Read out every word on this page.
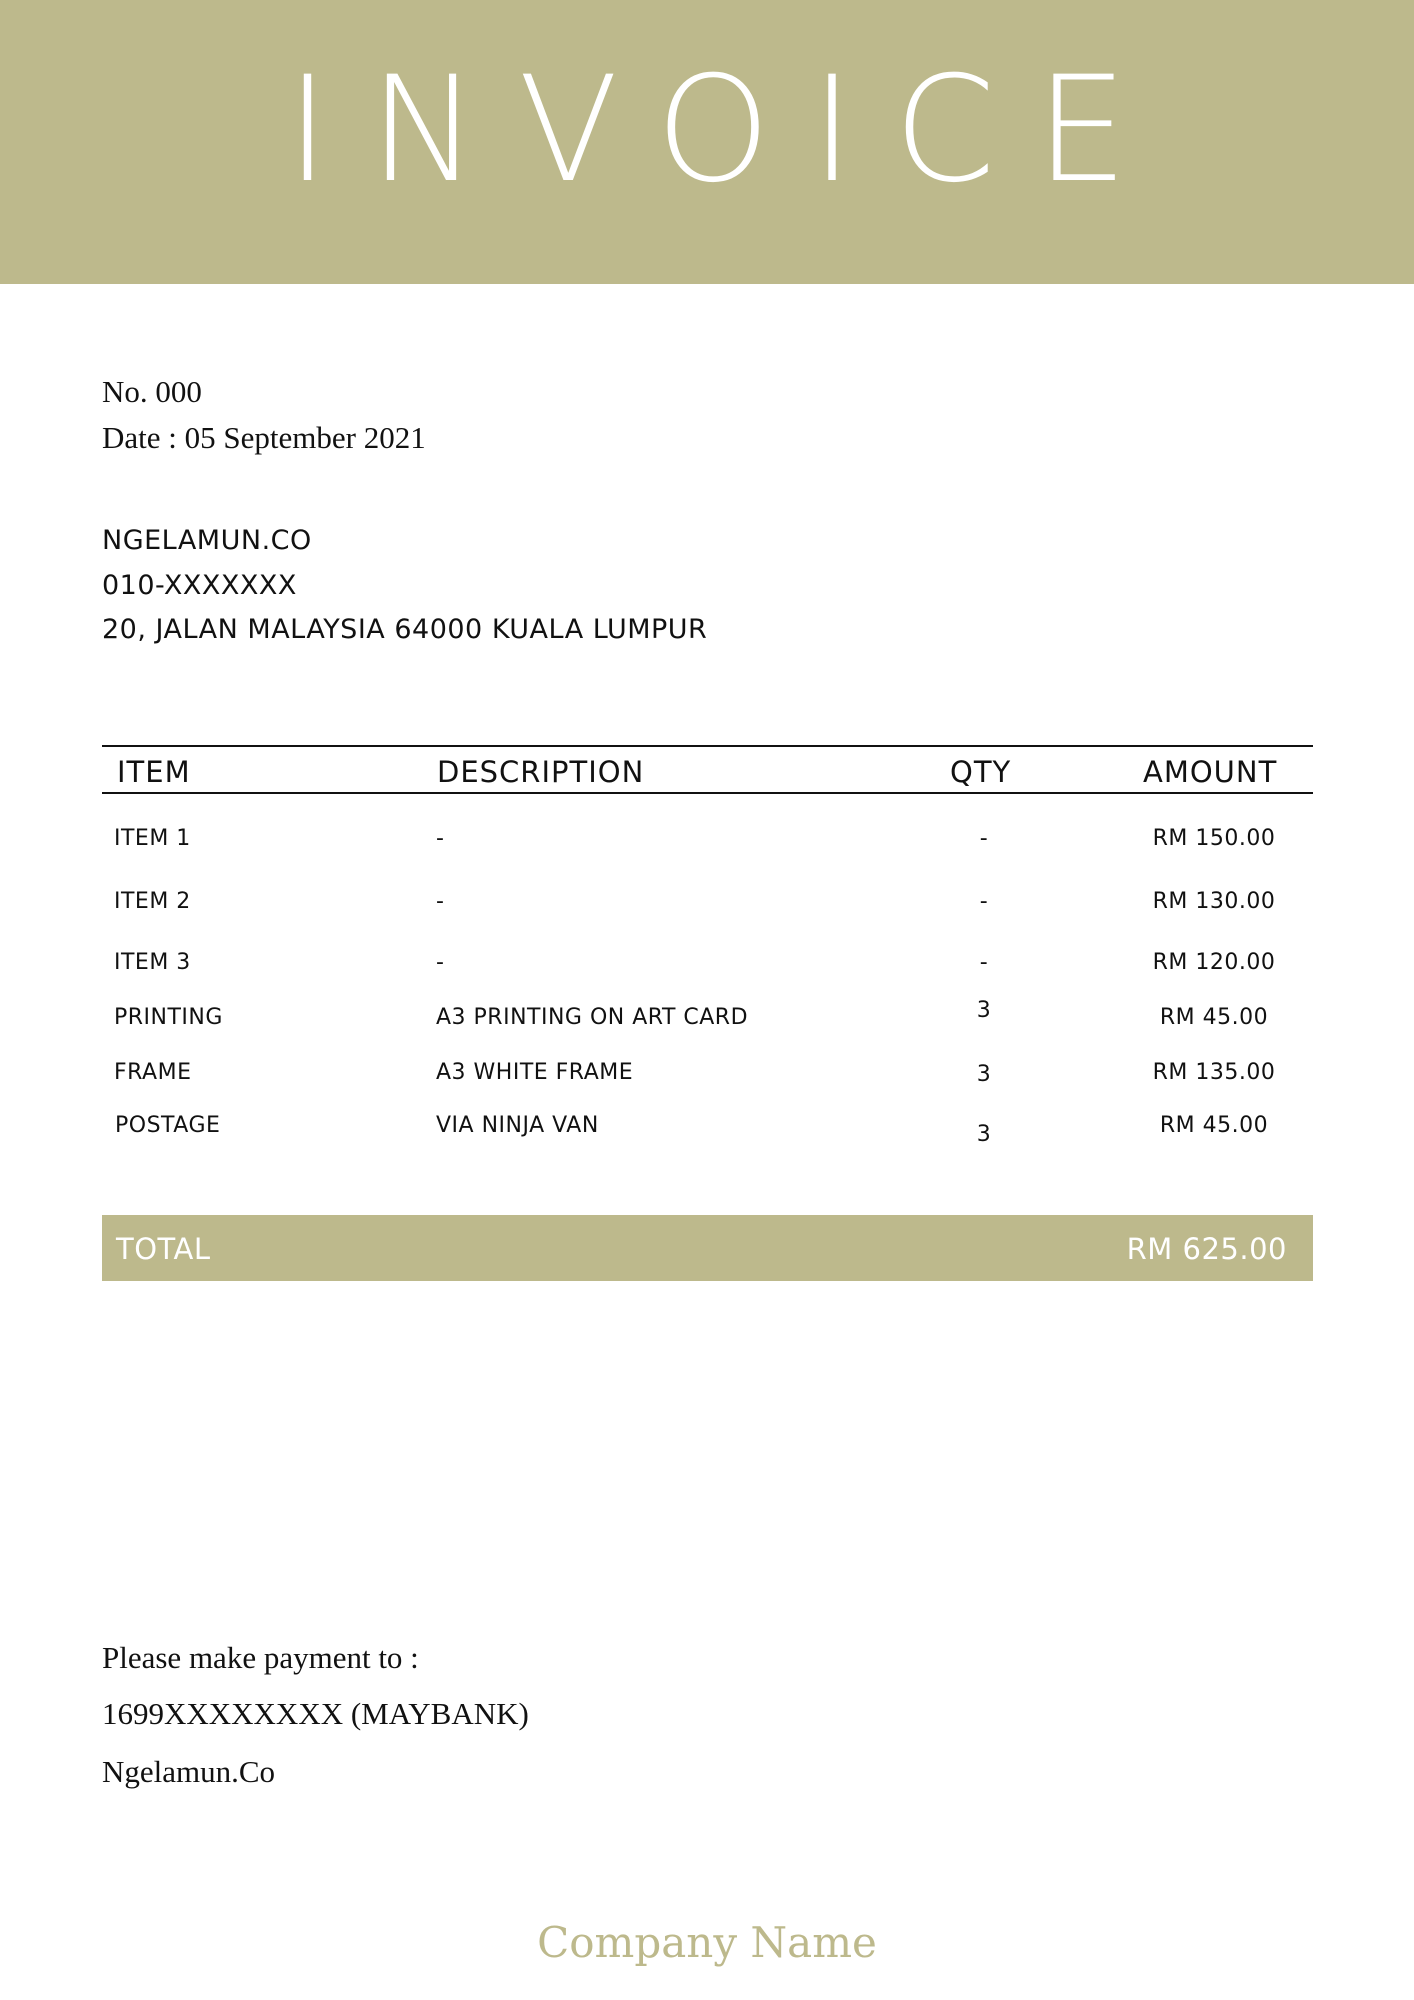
INVOICE
No. 000
Date : 05 September 2021
NGELAMUN.CO
010-XXXXXXX
20, JALAN MALAYSIA 64000 KUALA LUMPUR
ITEM	DESCRIPTION	QTY	AMOUNT
ITEM 1	-	-	RM 150.00
ITEM 2	-	-	RM 130.00
ITEM 3	-	-	RM 120.00
PRINTING	A3 PRINTING ON ART CARD	3	RM 45.00
FRAME	A3 WHITE FRAME	3	RM 135.00
POSTAGE	VIA NINJA VAN	3	RM 45.00
TOTAL	RM 625.00
Please make payment to :
1699XXXXXXXX (MAYBANK)
Ngelamun.Co
Company Name
